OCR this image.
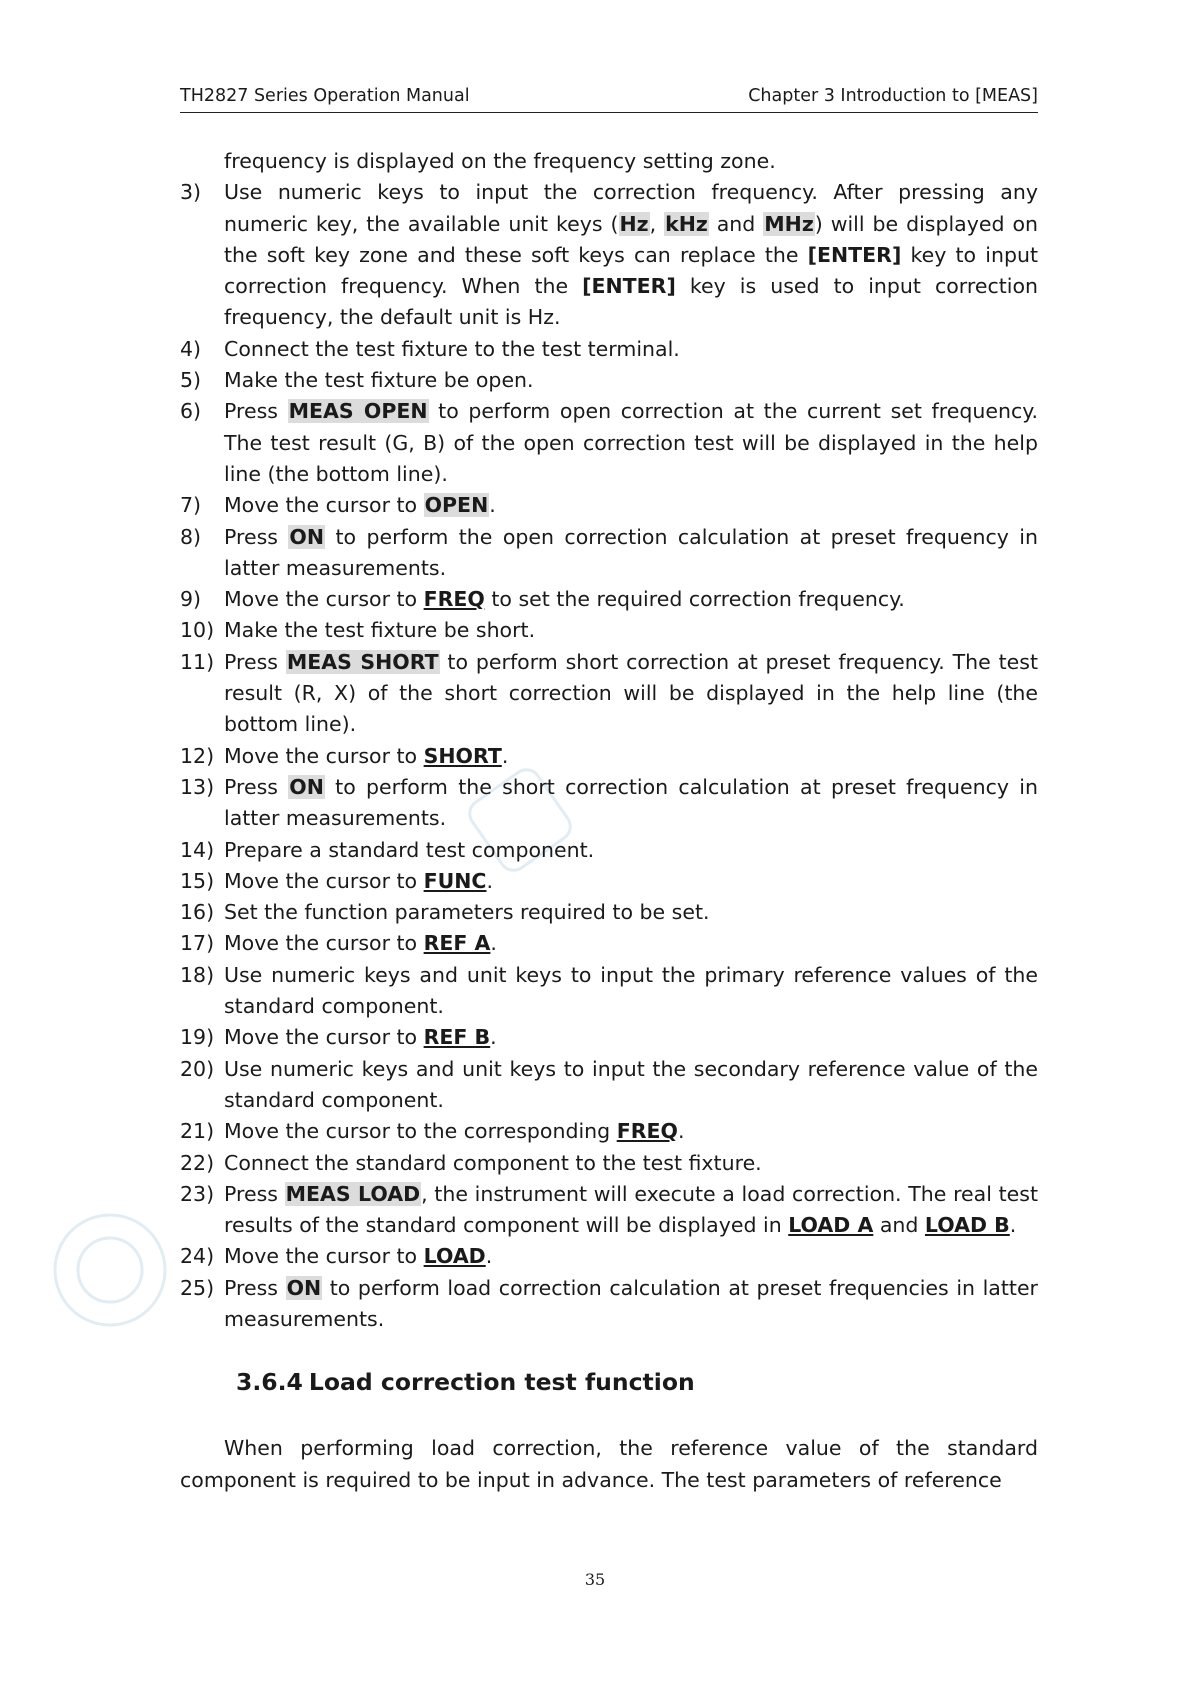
TH2827 Series Operation Manual	Chapter 3 Introduction to [MEAS]
frequency is displayed on the frequency setting zone.
3) Use numeric keys to input the correction frequency. After pressing any numeric key, the available unit keys (Hz, kHz and MHz) will be displayed on the soft key zone and these soft keys can replace the [ENTER] key to input correction frequency. When the [ENTER] key is used to input correction frequency, the default unit is Hz.
4) Connect the test fixture to the test terminal.
5) Make the test fixture be open.
6) Press MEAS OPEN to perform open correction at the current set frequency. The test result (G, B) of the open correction test will be displayed in the help line (the bottom line).
7) Move the cursor to OPEN.
8) Press ON to perform the open correction calculation at preset frequency in latter measurements.
9) Move the cursor to FREQ to set the required correction frequency.
10) Make the test fixture be short.
11) Press MEAS SHORT to perform short correction at preset frequency. The test result (R, X) of the short correction will be displayed in the help line (the bottom line).
12) Move the cursor to SHORT.
13) Press ON to perform the short correction calculation at preset frequency in latter measurements.
14) Prepare a standard test component.
15) Move the cursor to FUNC.
16) Set the function parameters required to be set.
17) Move the cursor to REF A.
18) Use numeric keys and unit keys to input the primary reference values of the standard component.
19) Move the cursor to REF B.
20) Use numeric keys and unit keys to input the secondary reference value of the standard component.
21) Move the cursor to the corresponding FREQ.
22) Connect the standard component to the test fixture.
23) Press MEAS LOAD, the instrument will execute a load correction. The real test results of the standard component will be displayed in LOAD A and LOAD B.
24) Move the cursor to LOAD.
25) Press ON to perform load correction calculation at preset frequencies in latter measurements.
3.6.4 Load correction test function
When performing load correction, the reference value of the standard component is required to be input in advance. The test parameters of reference
35
